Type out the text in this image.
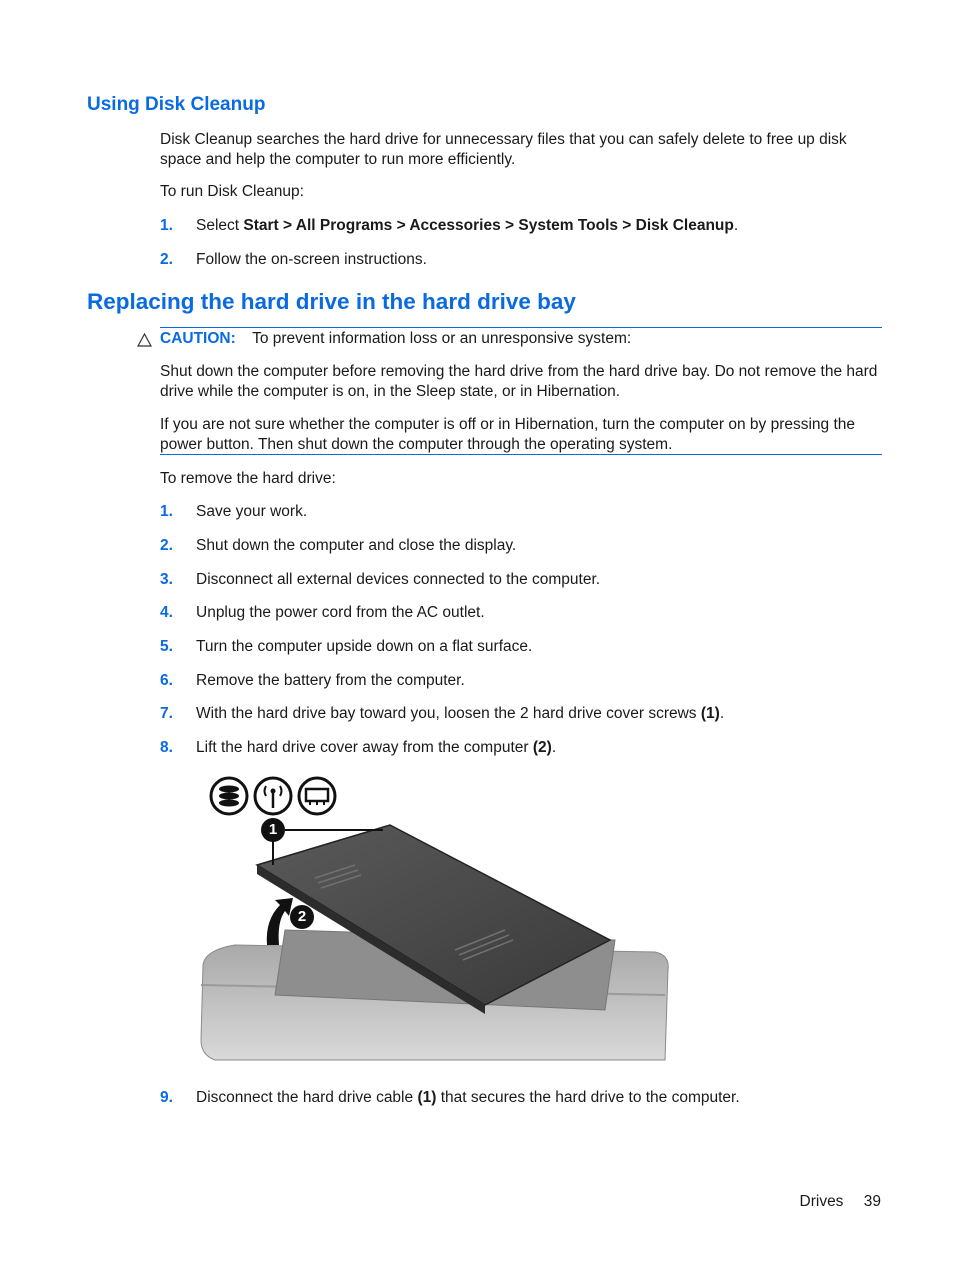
Using Disk Cleanup
Disk Cleanup searches the hard drive for unnecessary files that you can safely delete to free up disk space and help the computer to run more efficiently.
To run Disk Cleanup:
1. Select Start > All Programs > Accessories > System Tools > Disk Cleanup.
2. Follow the on-screen instructions.
Replacing the hard drive in the hard drive bay
CAUTION: To prevent information loss or an unresponsive system:
Shut down the computer before removing the hard drive from the hard drive bay. Do not remove the hard drive while the computer is on, in the Sleep state, or in Hibernation.
If you are not sure whether the computer is off or in Hibernation, turn the computer on by pressing the power button. Then shut down the computer through the operating system.
To remove the hard drive:
1. Save your work.
2. Shut down the computer and close the display.
3. Disconnect all external devices connected to the computer.
4. Unplug the power cord from the AC outlet.
5. Turn the computer upside down on a flat surface.
6. Remove the battery from the computer.
7. With the hard drive bay toward you, loosen the 2 hard drive cover screws (1).
8. Lift the hard drive cover away from the computer (2).
1
2
9. Disconnect the hard drive cable (1) that secures the hard drive to the computer.
Drives 39
